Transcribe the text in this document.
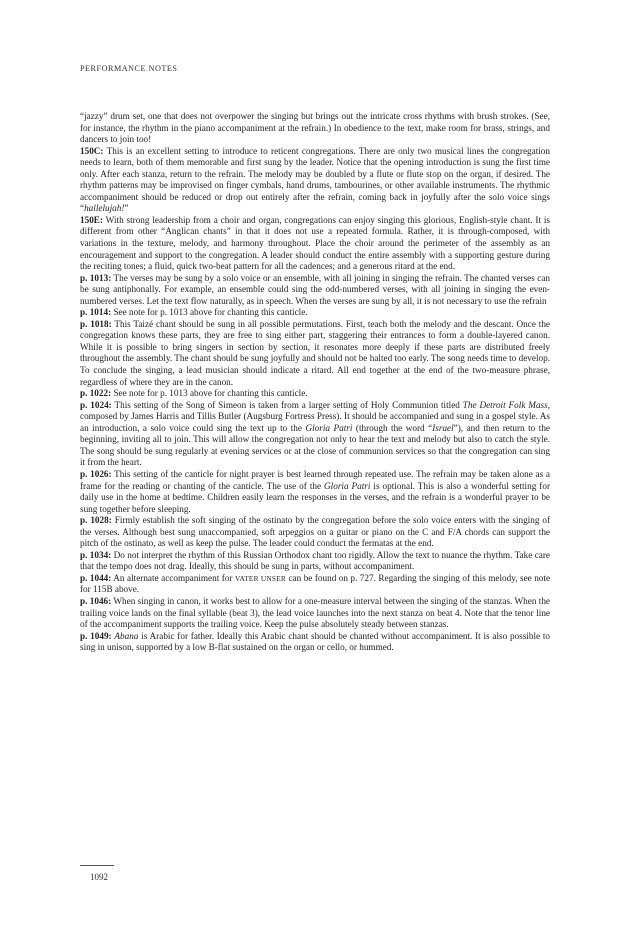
PERFORMANCE NOTES

“jazzy” drum set, one that does not overpower the singing but brings out the intricate cross rhythms with brush strokes. (See, for instance, the rhythm in the piano accompaniment at the refrain.) In obedience to the text, make room for brass, strings, and dancers to join too!

150C: This is an excellent setting to introduce to reticent congregations. There are only two musical lines the congregation needs to learn, both of them memorable and first sung by the leader. Notice that the opening introduction is sung the first time only. After each stanza, return to the refrain. The melody may be doubled by a flute or flute stop on the organ, if desired. The rhythm patterns may be improvised on finger cymbals, hand drums, tambourines, or other available instruments. The rhythmic accompaniment should be reduced or drop out entirely after the refrain, coming back in joyfully after the solo voice sings “hallelujah!”

150E: With strong leadership from a choir and organ, congregations can enjoy singing this glorious, English-style chant. It is different from other “Anglican chants” in that it does not use a repeated formula. Rather, it is through-composed, with variations in the texture, melody, and harmony throughout. Place the choir around the perimeter of the assembly as an encouragement and support to the congregation. A leader should conduct the entire assembly with a supporting gesture during the reciting tones; a fluid, quick two-beat pattern for all the cadences; and a generous ritard at the end.

p. 1013: The verses may be sung by a solo voice or an ensemble, with all joining in singing the refrain. The chanted verses can be sung antiphonally. For example, an ensemble could sing the odd-numbered verses, with all joining in singing the even-numbered verses. Let the text flow naturally, as in speech. When the verses are sung by all, it is not necessary to use the refrain

p. 1014: See note for p. 1013 above for chanting this canticle.

p. 1018: This Taizé chant should be sung in all possible permutations. First, teach both the melody and the descant. Once the congregation knows these parts, they are free to sing either part, staggering their entrances to form a double-layered canon. While it is possible to bring singers in section by section, it resonates more deeply if these parts are distributed freely throughout the assembly. The chant should be sung joyfully and should not be halted too early. The song needs time to develop. To conclude the singing, a lead musician should indicate a ritard. All end together at the end of the two-measure phrase, regardless of where they are in the canon.

p. 1022: See note for p. 1013 above for chanting this canticle.

p. 1024: This setting of the Song of Simeon is taken from a larger setting of Holy Communion titled The Detroit Folk Mass, composed by James Harris and Tillis Butler (Augsburg Fortress Press). It should be accompanied and sung in a gospel style. As an introduction, a solo voice could sing the text up to the Gloria Patri (through the word “Israel”), and then return to the beginning, inviting all to join. This will allow the congregation not only to hear the text and melody but also to catch the style. The song should be sung regularly at evening services or at the close of communion services so that the congregation can sing it from the heart.

p. 1026: This setting of the canticle for night prayer is best learned through repeated use. The refrain may be taken alone as a frame for the reading or chanting of the canticle. The use of the Gloria Patri is optional. This is also a wonderful setting for daily use in the home at bedtime. Children easily learn the responses in the verses, and the refrain is a wonderful prayer to be sung together before sleeping.

p. 1028: Firmly establish the soft singing of the ostinato by the congregation before the solo voice enters with the singing of the verses. Although best sung unaccompanied, soft arpeggios on a guitar or piano on the C and F/A chords can support the pitch of the ostinato, as well as keep the pulse. The leader could conduct the fermatas at the end.

p. 1034: Do not interpret the rhythm of this Russian Orthodox chant too rigidly. Allow the text to nuance the rhythm. Take care that the tempo does not drag. Ideally, this should be sung in parts, without accompaniment.

p. 1044: An alternate accompaniment for VATER UNSER can be found on p. 727. Regarding the singing of this melody, see note for 115B above.

p. 1046: When singing in canon, it works best to allow for a one-measure interval between the singing of the stanzas. When the trailing voice lands on the final syllable (beat 3), the lead voice launches into the next stanza on beat 4. Note that the tenor line of the accompaniment supports the trailing voice. Keep the pulse absolutely steady between stanzas.

p. 1049: Abana is Arabic for father. Ideally this Arabic chant should be chanted without accompaniment. It is also possible to sing in unison, supported by a low B-flat sustained on the organ or cello, or hummed.

1092
